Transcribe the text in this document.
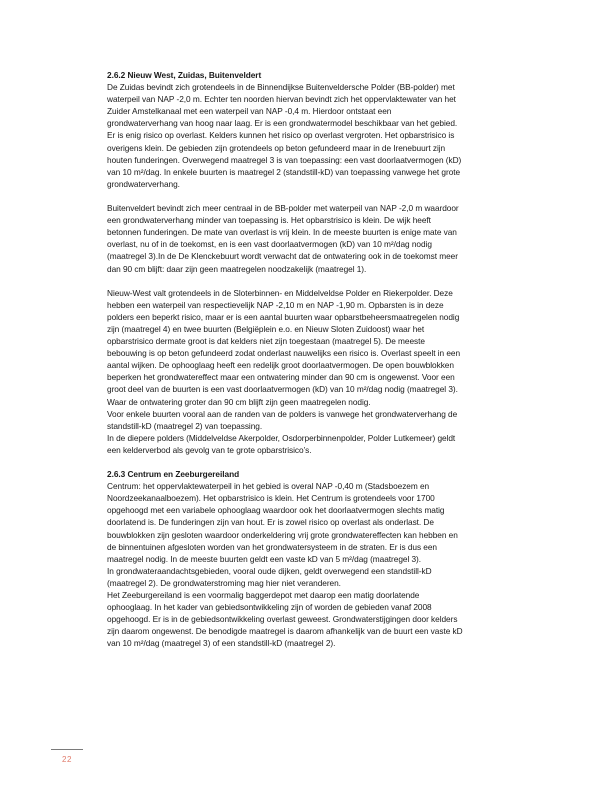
2.6.2 Nieuw West, Zuidas, Buitenveldert
De Zuidas bevindt zich grotendeels in de Binnendijkse Buitenveldersche Polder (BB-polder) met
waterpeil van NAP -2,0 m. Echter ten noorden hiervan bevindt zich het oppervlaktewater van het
Zuider Amstelkanaal met een waterpeil van NAP -0,4 m. Hierdoor ontstaat een
grondwaterverhang van hoog naar laag. Er is een grondwatermodel beschikbaar van het gebied.
Er is enig risico op overlast. Kelders kunnen het risico op overlast vergroten. Het opbarstrisico is
overigens klein. De gebieden zijn grotendeels op beton gefundeerd maar in de Irenebuurt zijn
houten funderingen. Overwegend maatregel 3 is van toepassing: een vast doorlaatvermogen (kD)
van 10 m²/dag. In enkele buurten is maatregel 2 (standstill-kD) van toepassing vanwege het grote
grondwaterverhang.
Buitenveldert bevindt zich meer centraal in de BB-polder met waterpeil van NAP -2,0 m waardoor
een grondwaterverhang minder van toepassing is. Het opbarstrisico is klein. De wijk heeft
betonnen funderingen. De mate van overlast is vrij klein. In de meeste buurten is enige mate van
overlast, nu of in de toekomst, en is een vast doorlaatvermogen (kD) van 10 m²/dag nodig
(maatregel 3).In de De Klenckebuurt wordt verwacht dat de ontwatering ook in de toekomst meer
dan 90 cm blijft: daar zijn geen maatregelen noodzakelijk (maatregel 1).
Nieuw-West valt grotendeels in de Sloterbinnen- en Middelveldse Polder en Riekerpolder. Deze
hebben een waterpeil van respectievelijk NAP -2,10 m en NAP -1,90 m. Opbarsten is in deze
polders een beperkt risico, maar er is een aantal buurten waar opbarstbeheersmaatregelen nodig
zijn (maatregel 4) en twee buurten (Belgiëplein e.o. en Nieuw Sloten Zuidoost) waar het
opbarstrisico dermate groot is dat kelders niet zijn toegestaan (maatregel 5). De meeste
bebouwing is op beton gefundeerd zodat onderlast nauwelijks een risico is. Overlast speelt in een
aantal wijken. De ophooglaag heeft een redelijk groot doorlaatvermogen. De open bouwblokken
beperken het grondwatereffect maar een ontwatering minder dan 90 cm is ongewenst. Voor een
groot deel van de buurten is een vast doorlaatvermogen (kD) van 10 m²/dag nodig (maatregel 3).
Waar de ontwatering groter dan 90 cm blijft zijn geen maatregelen nodig.
Voor enkele buurten vooral aan de randen van de polders is vanwege het grondwaterverhang de
standstill-kD (maatregel 2) van toepassing.
In de diepere polders (Middelveldse Akerpolder, Osdorperbinnenpolder, Polder Lutkemeer) geldt
een kelderverbod als gevolg van te grote opbarstrisico’s.
2.6.3 Centrum en Zeeburgereiland
Centrum: het oppervlaktewaterpeil in het gebied is overal NAP -0,40 m (Stadsboezem en
Noordzeekanaalboezem). Het opbarstrisico is klein. Het Centrum is grotendeels voor 1700
opgehoogd met een variabele ophooglaag waardoor ook het doorlaatvermogen slechts matig
doorlatend is. De funderingen zijn van hout. Er is zowel risico op overlast als onderlast. De
bouwblokken zijn gesloten waardoor onderkeldering vrij grote grondwatereffecten kan hebben en
de binnentuinen afgesloten worden van het grondwatersysteem in de straten. Er is dus een
maatregel nodig. In de meeste buurten geldt een vaste kD van 5 m²/dag (maatregel 3).
In grondwateraandachtsgebieden, vooral oude dijken, geldt overwegend een standstill-kD
(maatregel 2). De grondwaterstroming mag hier niet veranderen.
Het Zeeburgereiland is een voormalig baggerdepot met daarop een matig doorlatende
ophooglaag. In het kader van gebiedsontwikkeling zijn of worden de gebieden vanaf 2008
opgehoogd. Er is in de gebiedsontwikkeling overlast geweest. Grondwaterstijgingen door kelders
zijn daarom ongewenst. De benodigde maatregel is daarom afhankelijk van de buurt een vaste kD
van 10 m²/dag (maatregel 3) of een standstill-kD (maatregel 2).
22
